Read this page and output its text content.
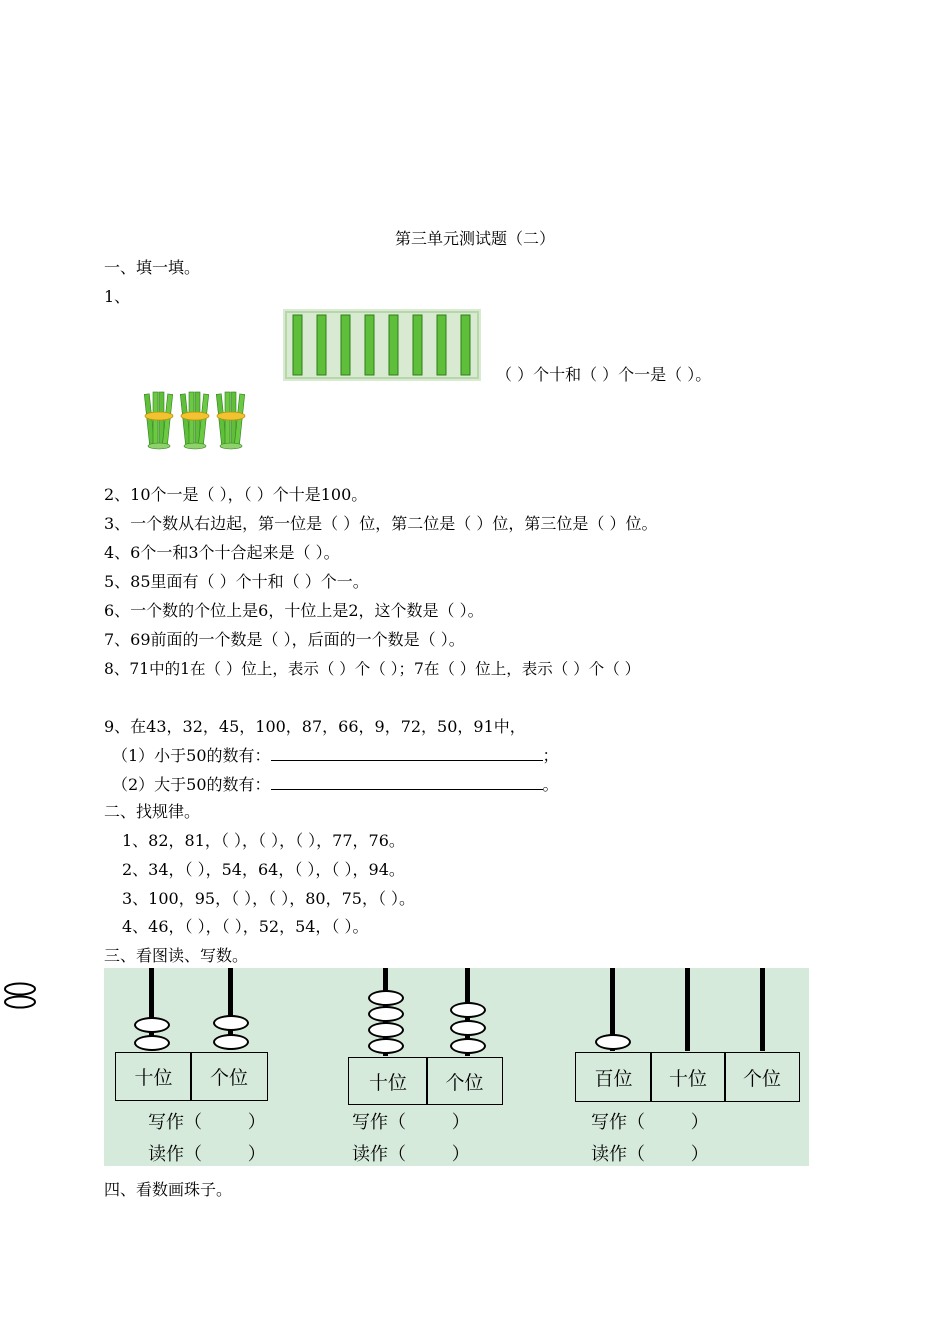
第三单元测试题（二）
一、填一填。
1、
（ ）个十和（ ）个一是（ ）。
2、10个一是（ ），（ ）个十是100。
3、一个数从右边起，第一位是（ ）位，第二位是（ ）位，第三位是（ ）位。
4、6个一和3个十合起来是（ ）。
5、85里面有（ ）个十和（ ）个一。
6、一个数的个位上是6，十位上是2，这个数是（ ）。
7、69前面的一个数是（ ），后面的一个数是（ ）。
8、71中的1在（ ）位上，表示（ ）个（ ）；7在（ ）位上，表示（ ）个（ ）
9、在43，32，45，100，87，66，9，72，50，91中，
（1）小于50的数有：	；
（2）大于50的数有：	。
二、找规律。
1、82，81，（ ），（ ），（ ），77，76。
2、34，（ ），54，64，（ ），（ ），94。
3、100，95，（ ），（ ），80，75，（ ）。
4、46，（ ），（ ），52，54，（ ）。
三、看图读、写数。
十位	个位
写作（        ）
读作（        ）
十位	个位
写作（        ）
读作（        ）
百位	十位	个位
写作（        ）
读作（        ）
四、看数画珠子。
